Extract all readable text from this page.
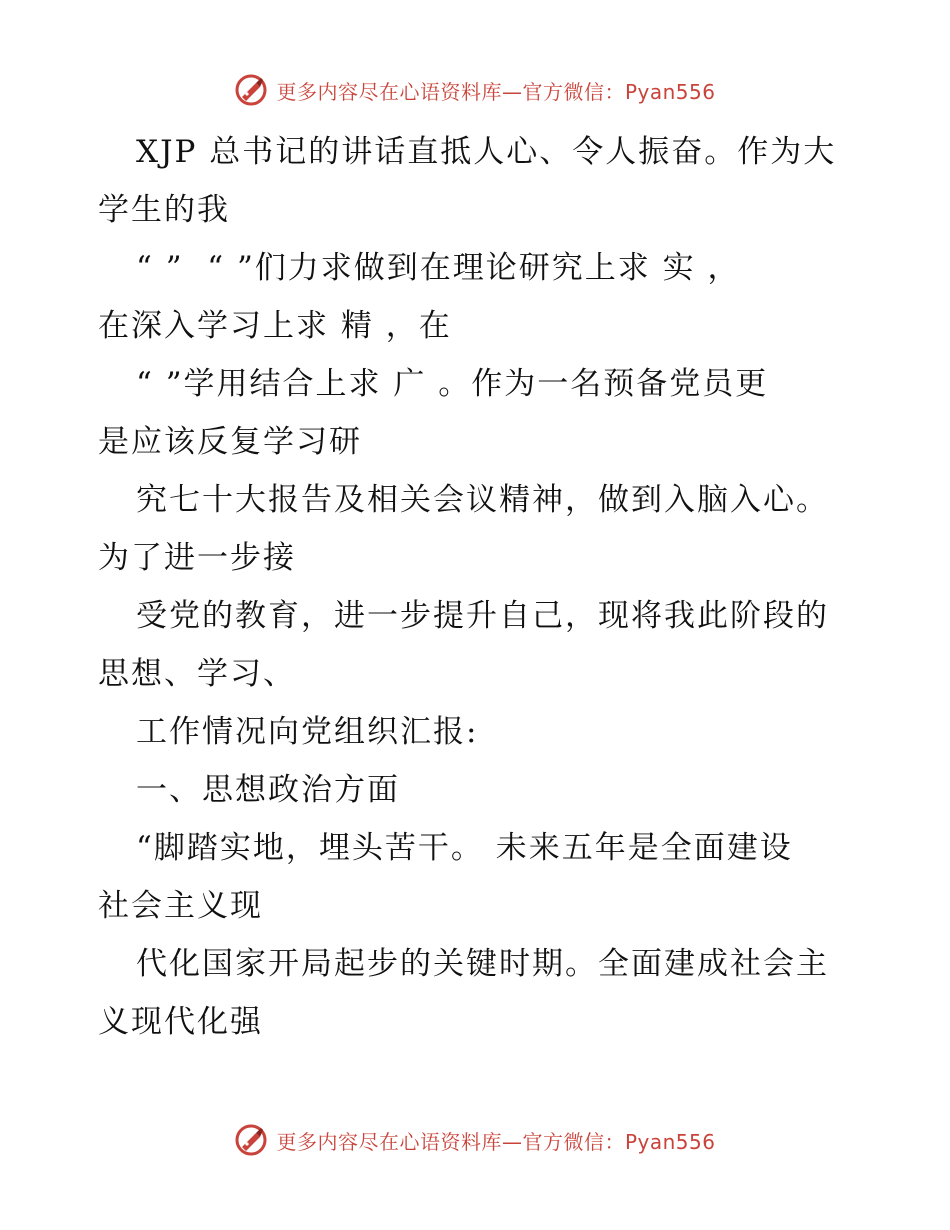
更多内容尽在心语资料库—官方微信：Pyan556
XJP 总书记的讲话直抵人心、令人振奋。作为大
学生的我
“ ”  “ ”们力求做到在理论研究上求 实 ，
在深入学习上求 精 ，在
“ ”学用结合上求 广 。作为一名预备党员更
是应该反复学习研
究七十大报告及相关会议精神，做到入脑入心。
为了进一步接
受党的教育，进一步提升自己，现将我此阶段的
思想、学习、
工作情况向党组织汇报:
一、思想政治方面
“脚踏实地，埋头苦干。 未来五年是全面建设
社会主义现
代化国家开局起步的关键时期。全面建成社会主
义现代化强
更多内容尽在心语资料库—官方微信：Pyan556
